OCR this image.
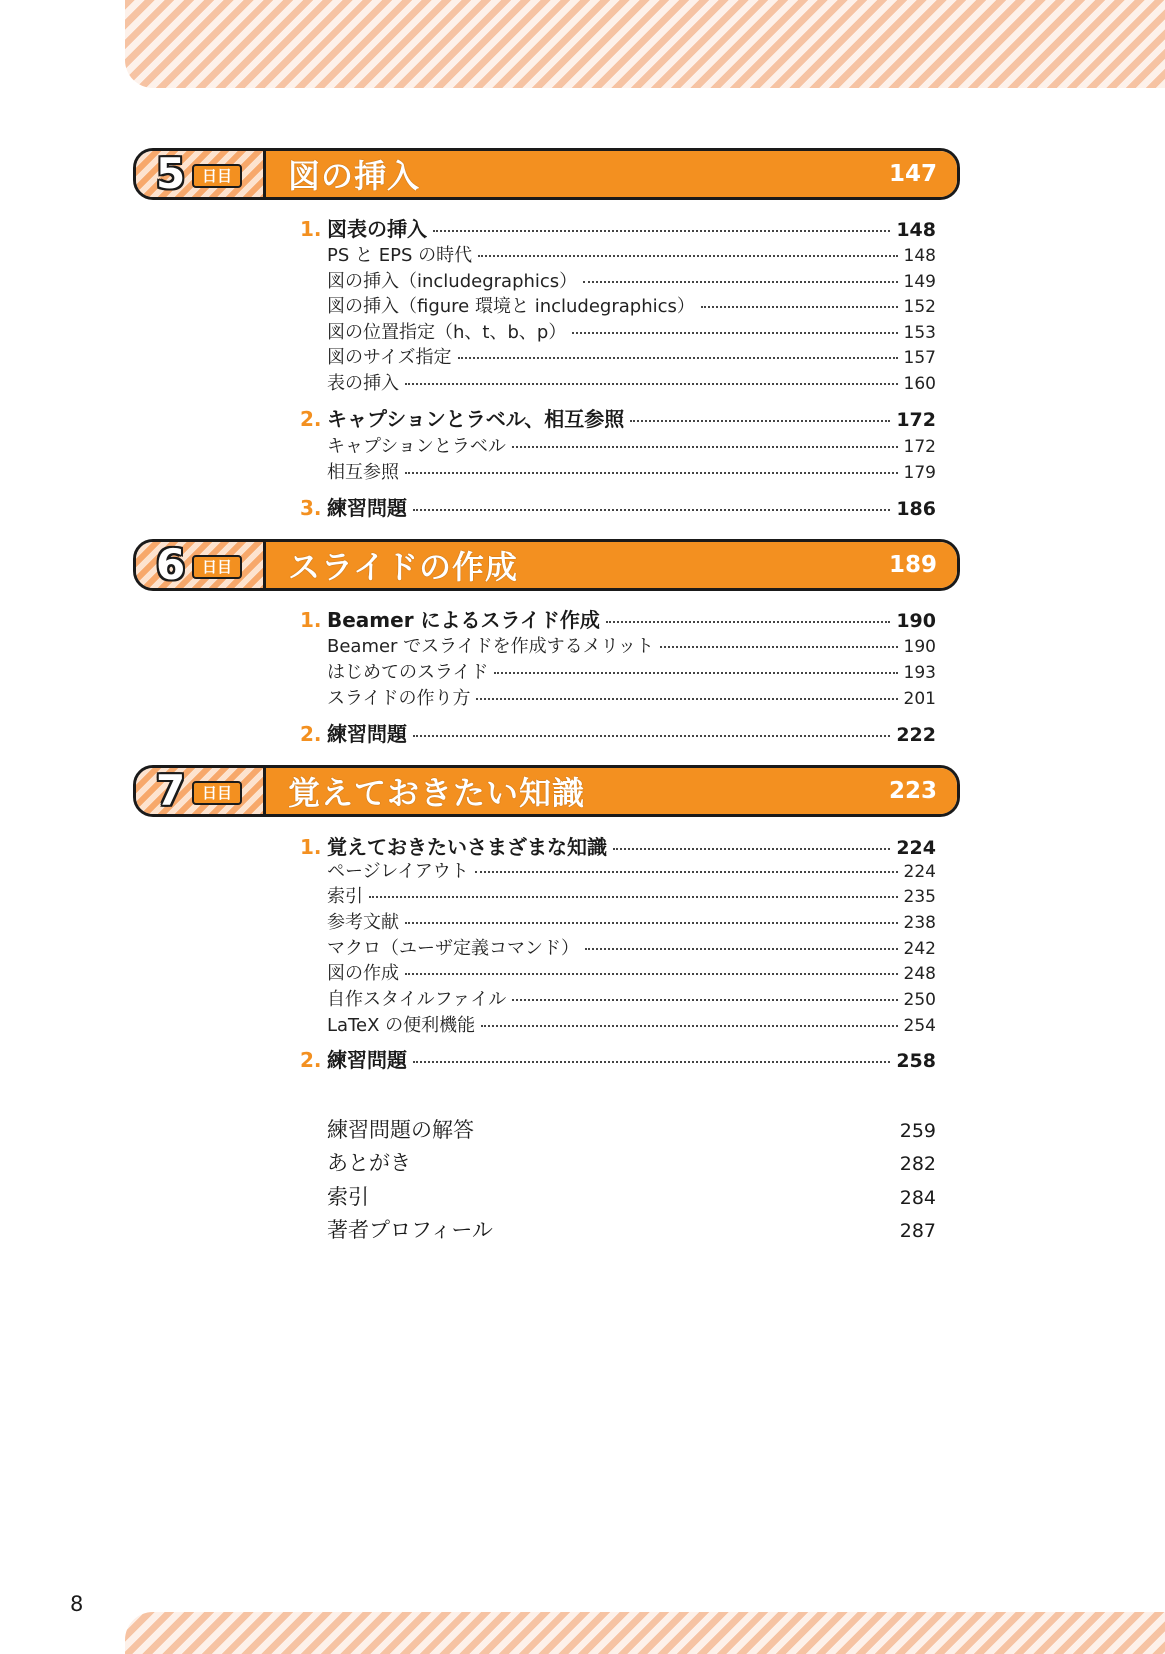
5	日目	図の挿入	147
1. 図表の挿入	148
PS と EPS の時代	148
図の挿入（includegraphics）	149
図の挿入（figure 環境と includegraphics）	152
図の位置指定（h、t、b、p）	153
図のサイズ指定	157
表の挿入	160
2. キャプションとラベル、相互参照	172
キャプションとラベル	172
相互参照	179
3. 練習問題	186
6	日目	スライドの作成	189
1. Beamer によるスライド作成	190
Beamer でスライドを作成するメリット	190
はじめてのスライド	193
スライドの作り方	201
2. 練習問題	222
7	日目	覚えておきたい知識	223
1. 覚えておきたいさまざまな知識	224
ページレイアウト	224
索引	235
参考文献	238
マクロ（ユーザ定義コマンド）	242
図の作成	248
自作スタイルファイル	250
LaTeX の便利機能	254
2. 練習問題	258
練習問題の解答	259
あとがき	282
索引	284
著者プロフィール	287
8
